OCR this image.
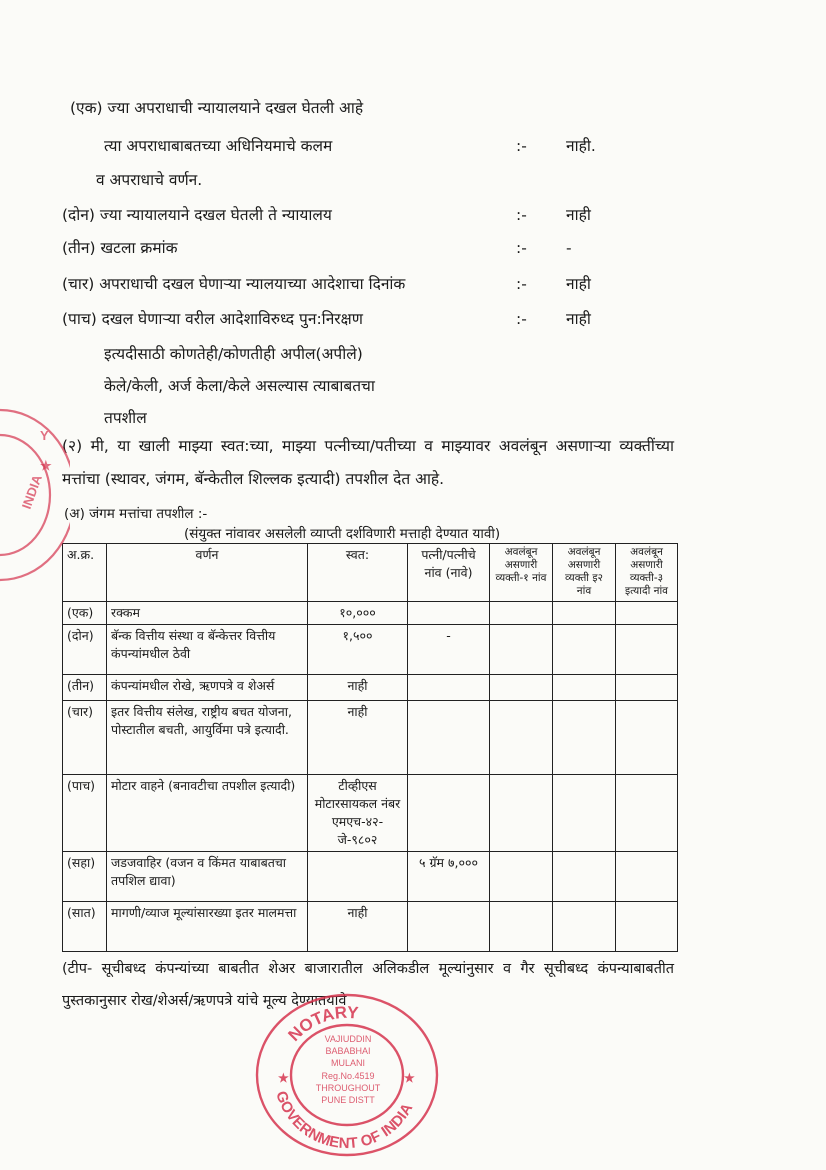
(एक) ज्या अपराधाची न्यायालयाने दखल घेतली आहे
त्या अपराधाबाबतच्या अधिनियमाचे कलम	:-	नाही.
व अपराधाचे वर्णन.
(दोन) ज्या न्यायालयाने दखल घेतली ते न्यायालय	:-	नाही
(तीन) खटला क्रमांक	:-	-
(चार) अपराधाची दखल घेणाऱ्या न्यालयाच्या आदेशाचा दिनांक	:-	नाही
(पाच) दखल घेणाऱ्या वरील आदेशाविरुध्द पुन:निरक्षण	:-	नाही
इत्यदीसाठी कोणतेही/कोणतीही अपील(अपीले)
केले/केली, अर्ज केला/केले असल्यास त्याबाबतचा
तपशील
(२) मी, या खाली माझ्या स्वत:च्या, माझ्या पत्नीच्या/पतीच्या व माझ्यावर अवलंबून असणाऱ्या व्यक्तींच्या मत्तांचा (स्थावर, जंगम, बॅन्केतील शिल्लक इत्यादी) तपशील देत आहे.
(अ) जंगम मत्तांचा तपशील :-
(संयुक्त नांवावर असलेली व्याप्ती दर्शविणारी मत्ताही देण्यात यावी)
अ.क्र.	वर्णन	स्वत:	पत्नी/पत्नीचे नांव (नावे)	अवलंबून असणारी व्यक्ती-१ नांव	अवलंबून असणारी व्यक्ती इ२ नांव	अवलंबून असणारी व्यक्ती-३ इत्यादी नांव
(एक)	रक्कम	१०,०००				
(दोन)	बॅन्क वित्तीय संस्था व बॅन्केत्तर वित्तीय कंपन्यांमधील ठेवी	१,५००	-			
(तीन)	कंपन्यांमधील रोखे, ऋणपत्रे व शेअर्स	नाही				
(चार)	इतर वित्तीय संलेख, राष्ट्रीय बचत योजना, पोस्टातील बचती, आयुर्विमा पत्रे इत्यादी.	नाही				
(पाच)	मोटार वाहने (बनावटीचा तपशील इत्यादी)	टीव्हीएस मोटारसायकल नंबर एमएच-४२-जे-९८०२				
(सहा)	जडजवाहिर (वजन व किंमत याबाबतचा तपशिल द्यावा)		५ ग्रॅम ७,०००			
(सात)	मागणी/व्याज मूल्यांसारख्या इतर मालमत्ता	नाही				
(टीप- सूचीबध्द कंपन्यांच्या बाबतीत शेअर बाजारातील अलिकडील मूल्यांनुसार व गैर सूचीबध्द कंपन्याबाबतीत पुस्तकानुसार रोख/शेअर्स/ऋणपत्रे यांचे मूल्य देण्यातयावे
NOTARY
GOVERNMENT OF INDIA
★	★
VAJIUDDIN
BABABHAI
MULANI
Reg.No.4519
THROUGHOUT
PUNE DISTT
Y
★
INDIA
